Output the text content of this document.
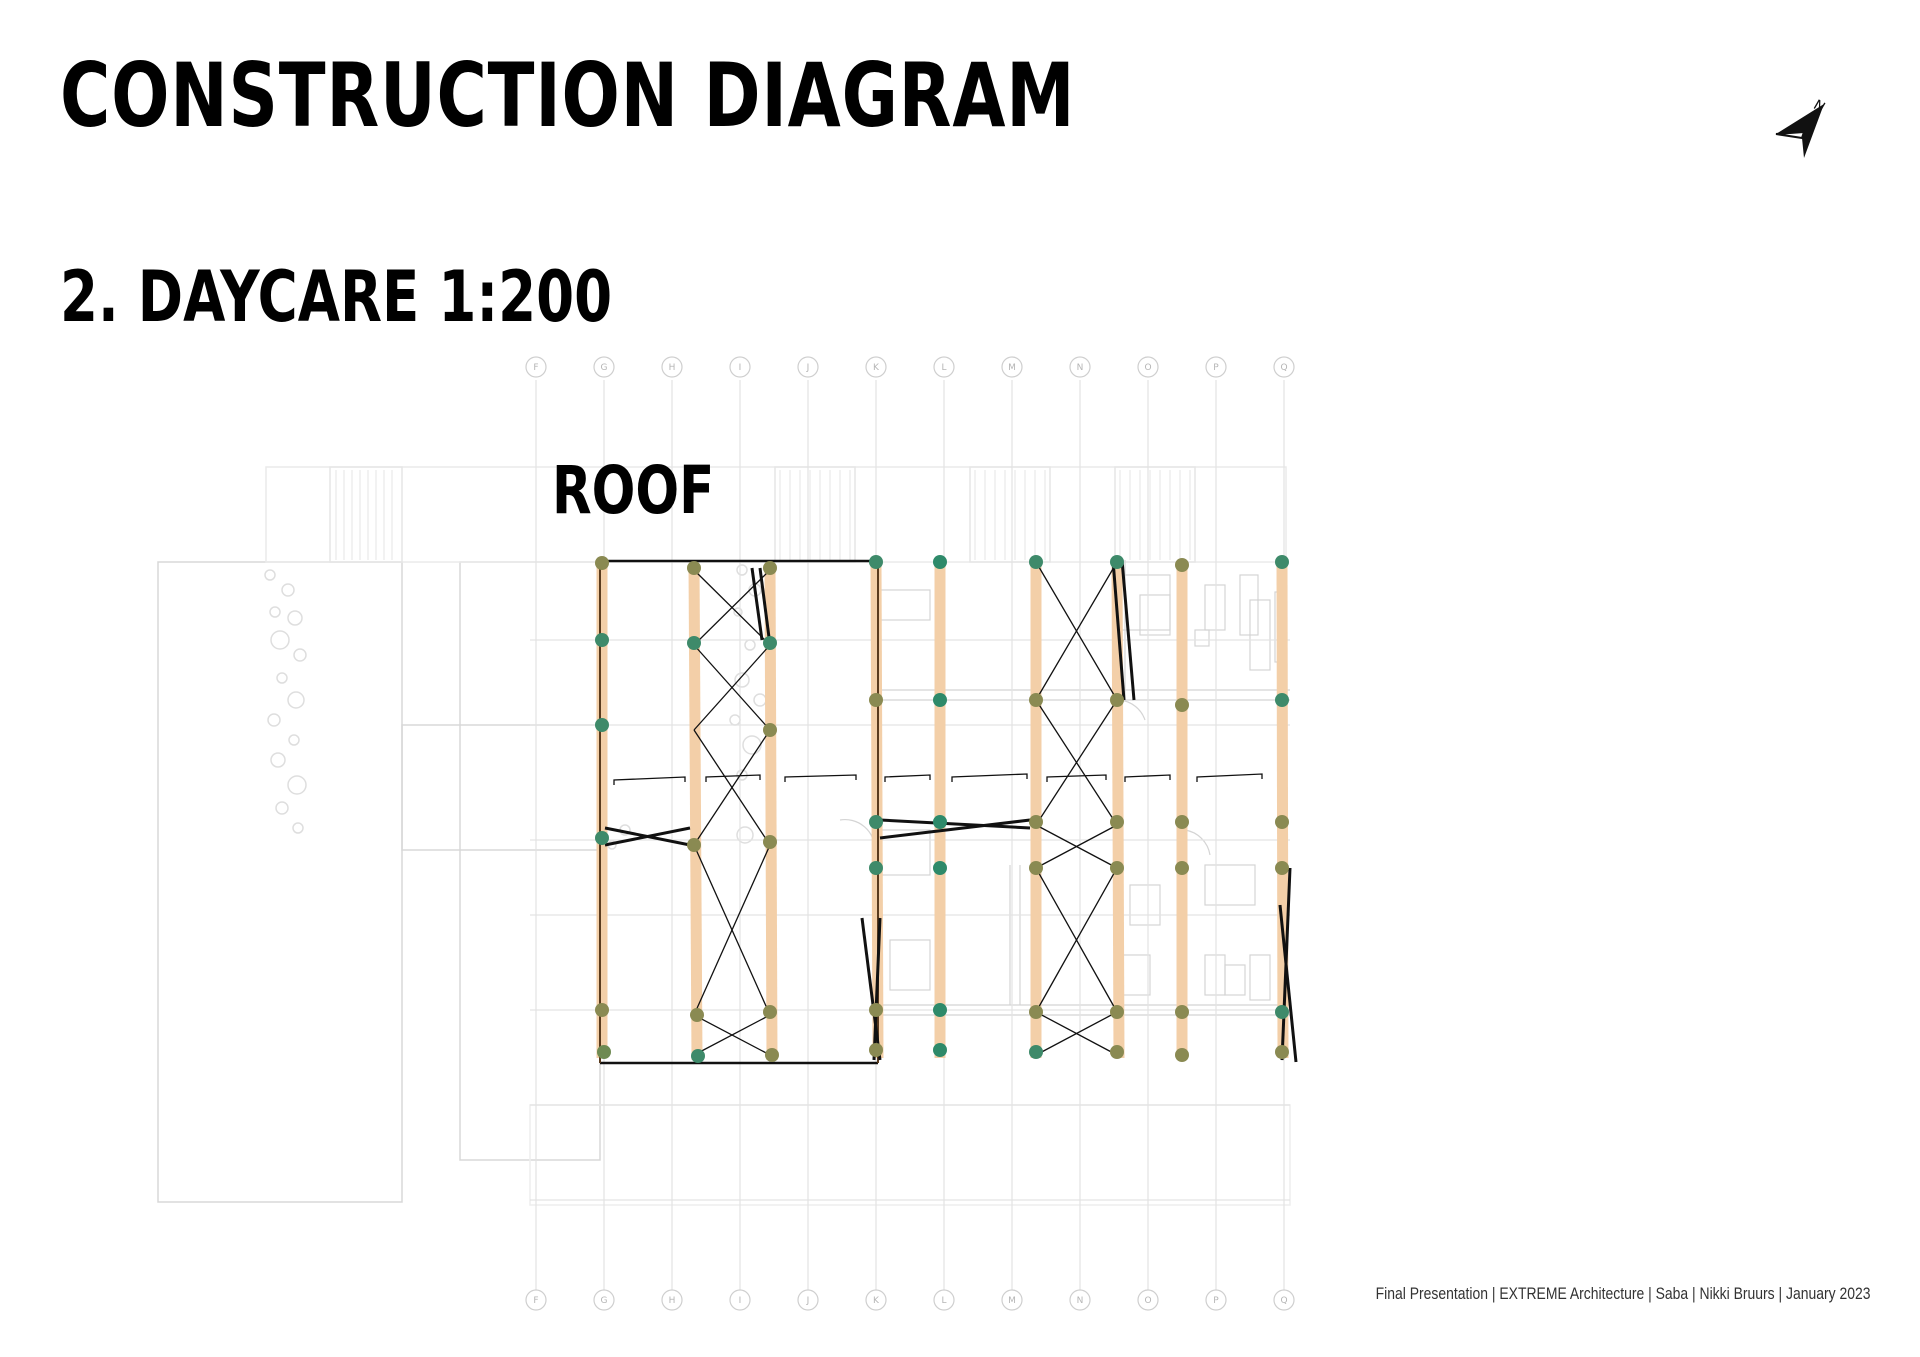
CONSTRUCTION DIAGRAM
2. DAYCARE 1:200
N
F	G	H	I	J	K	L	M	N	O	P	Q
F	G	H	I	J	K	L	M	N	O	P	Q
ROOF
Final Presentation | EXTREME Architecture | Saba | Nikki Bruurs | January 2023
